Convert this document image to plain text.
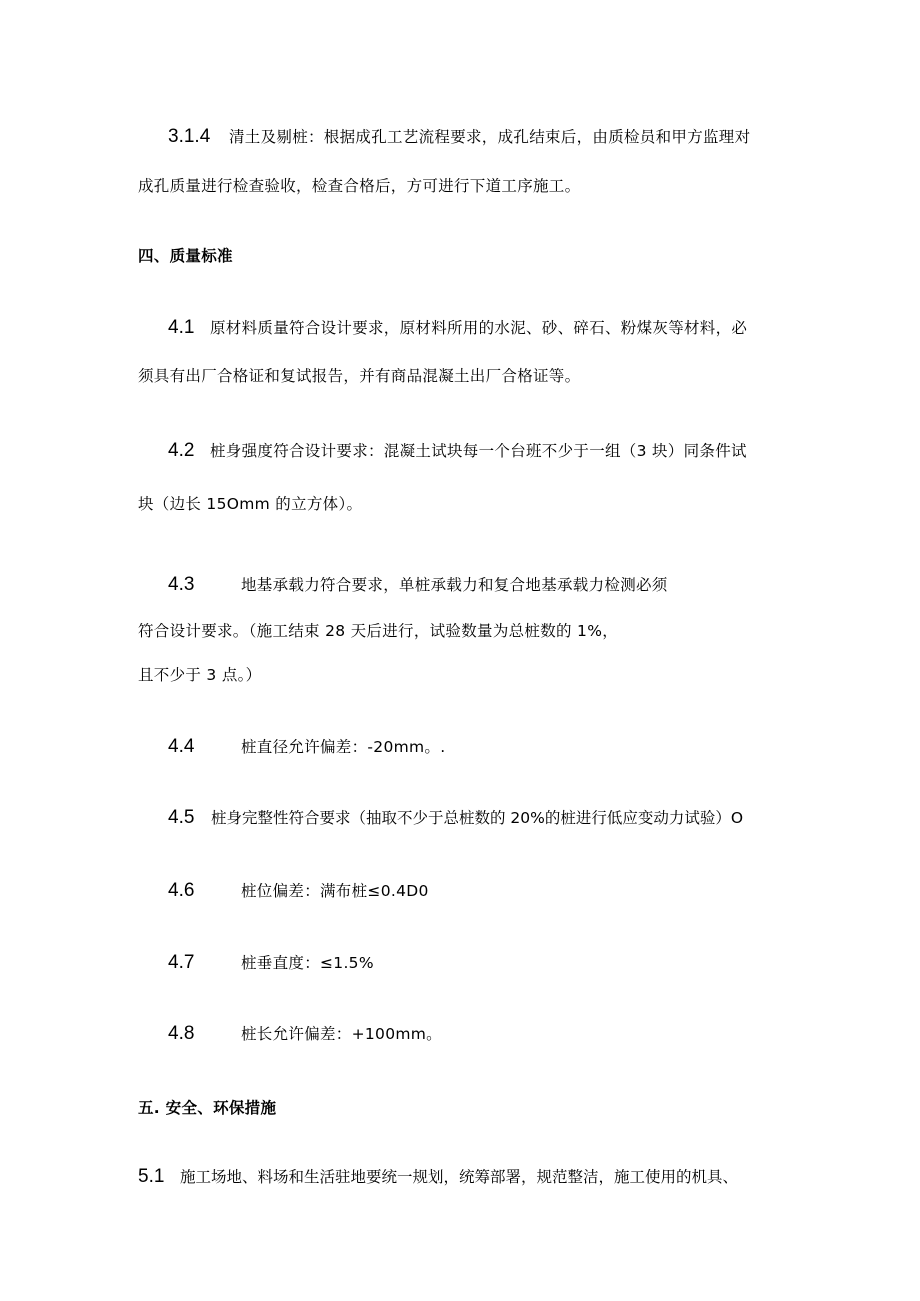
3.1.4 清土及剔桩：根据成孔工艺流程要求，成孔结束后，由质检员和甲方监理对
成孔质量进行检查验收，检查合格后，方可进行下道工序施工。
四、质量标准
4.1 原材料质量符合设计要求，原材料所用的水泥、砂、碎石、粉煤灰等材料，必
须具有出厂合格证和复试报告，并有商品混凝土出厂合格证等。
4.2 桩身强度符合设计要求：混凝土试块每一个台班不少于一组（3 块）同条件试
块（边长 15Omm 的立方体）。
4.3	地基承载力符合要求，单桩承载力和复合地基承载力检测必须
符合设计要求。（施工结束 28 天后进行，试验数量为总桩数的 1%，
且不少于 3 点。）
4.4	桩直径允许偏差：-20mm。.
4.5 桩身完整性符合要求（抽取不少于总桩数的 20%的桩进行低应变动力试验）O
4.6	桩位偏差：满布桩≤0.4D0
4.7	桩垂直度：≤1.5%
4.8	桩长允许偏差：+100mm。
五. 安全、环保措施
5.1 施工场地、料场和生活驻地要统一规划，统筹部署，规范整洁，施工使用的机具、
